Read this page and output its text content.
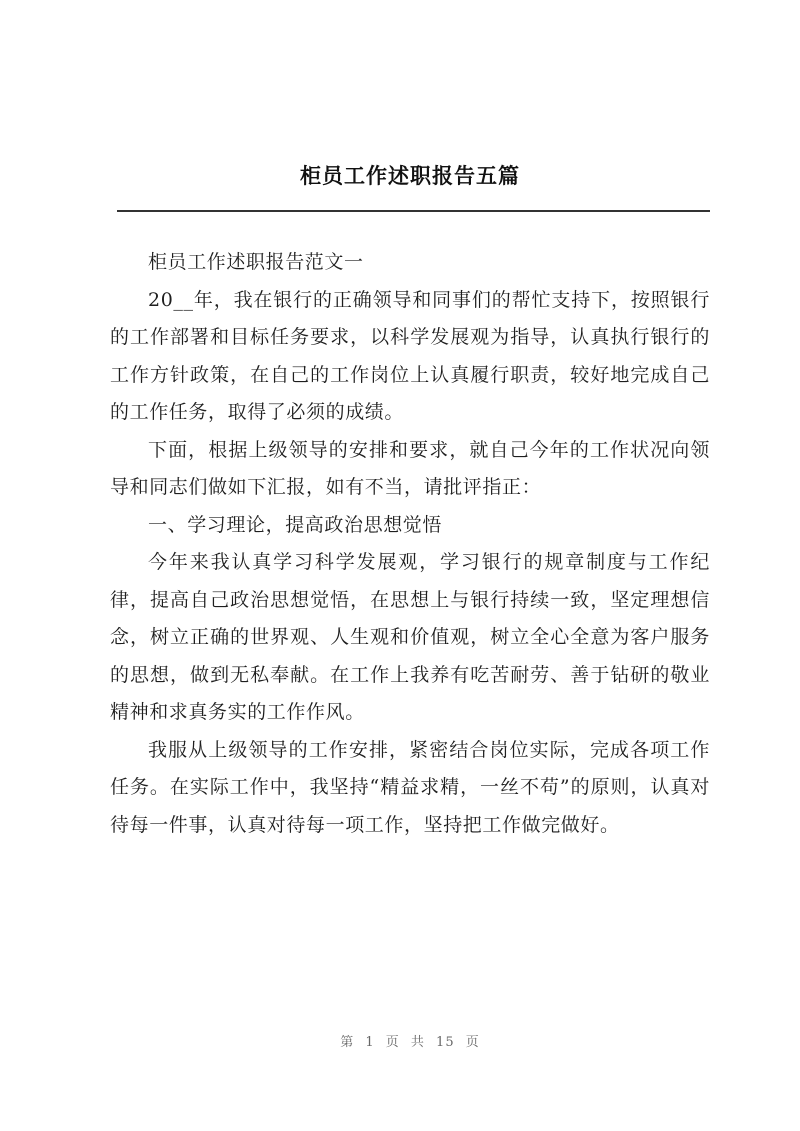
柜员工作述职报告五篇

柜员工作述职报告范文一

20__年，我在银行的正确领导和同事们的帮忙支持下，按照银行的工作部署和目标任务要求，以科学发展观为指导，认真执行银行的工作方针政策，在自己的工作岗位上认真履行职责，较好地完成自己的工作任务，取得了必须的成绩。

下面，根据上级领导的安排和要求，就自己今年的工作状况向领导和同志们做如下汇报，如有不当，请批评指正：

一、学习理论，提高政治思想觉悟

今年来我认真学习科学发展观，学习银行的规章制度与工作纪律，提高自己政治思想觉悟，在思想上与银行持续一致，坚定理想信念，树立正确的世界观、人生观和价值观，树立全心全意为客户服务的思想，做到无私奉献。在工作上我养有吃苦耐劳、善于钻研的敬业精神和求真务实的工作作风。

我服从上级领导的工作安排，紧密结合岗位实际，完成各项工作任务。在实际工作中，我坚持“精益求精，一丝不苟”的原则，认真对待每一件事，认真对待每一项工作，坚持把工作做完做好。

第 1 页 共 15 页
